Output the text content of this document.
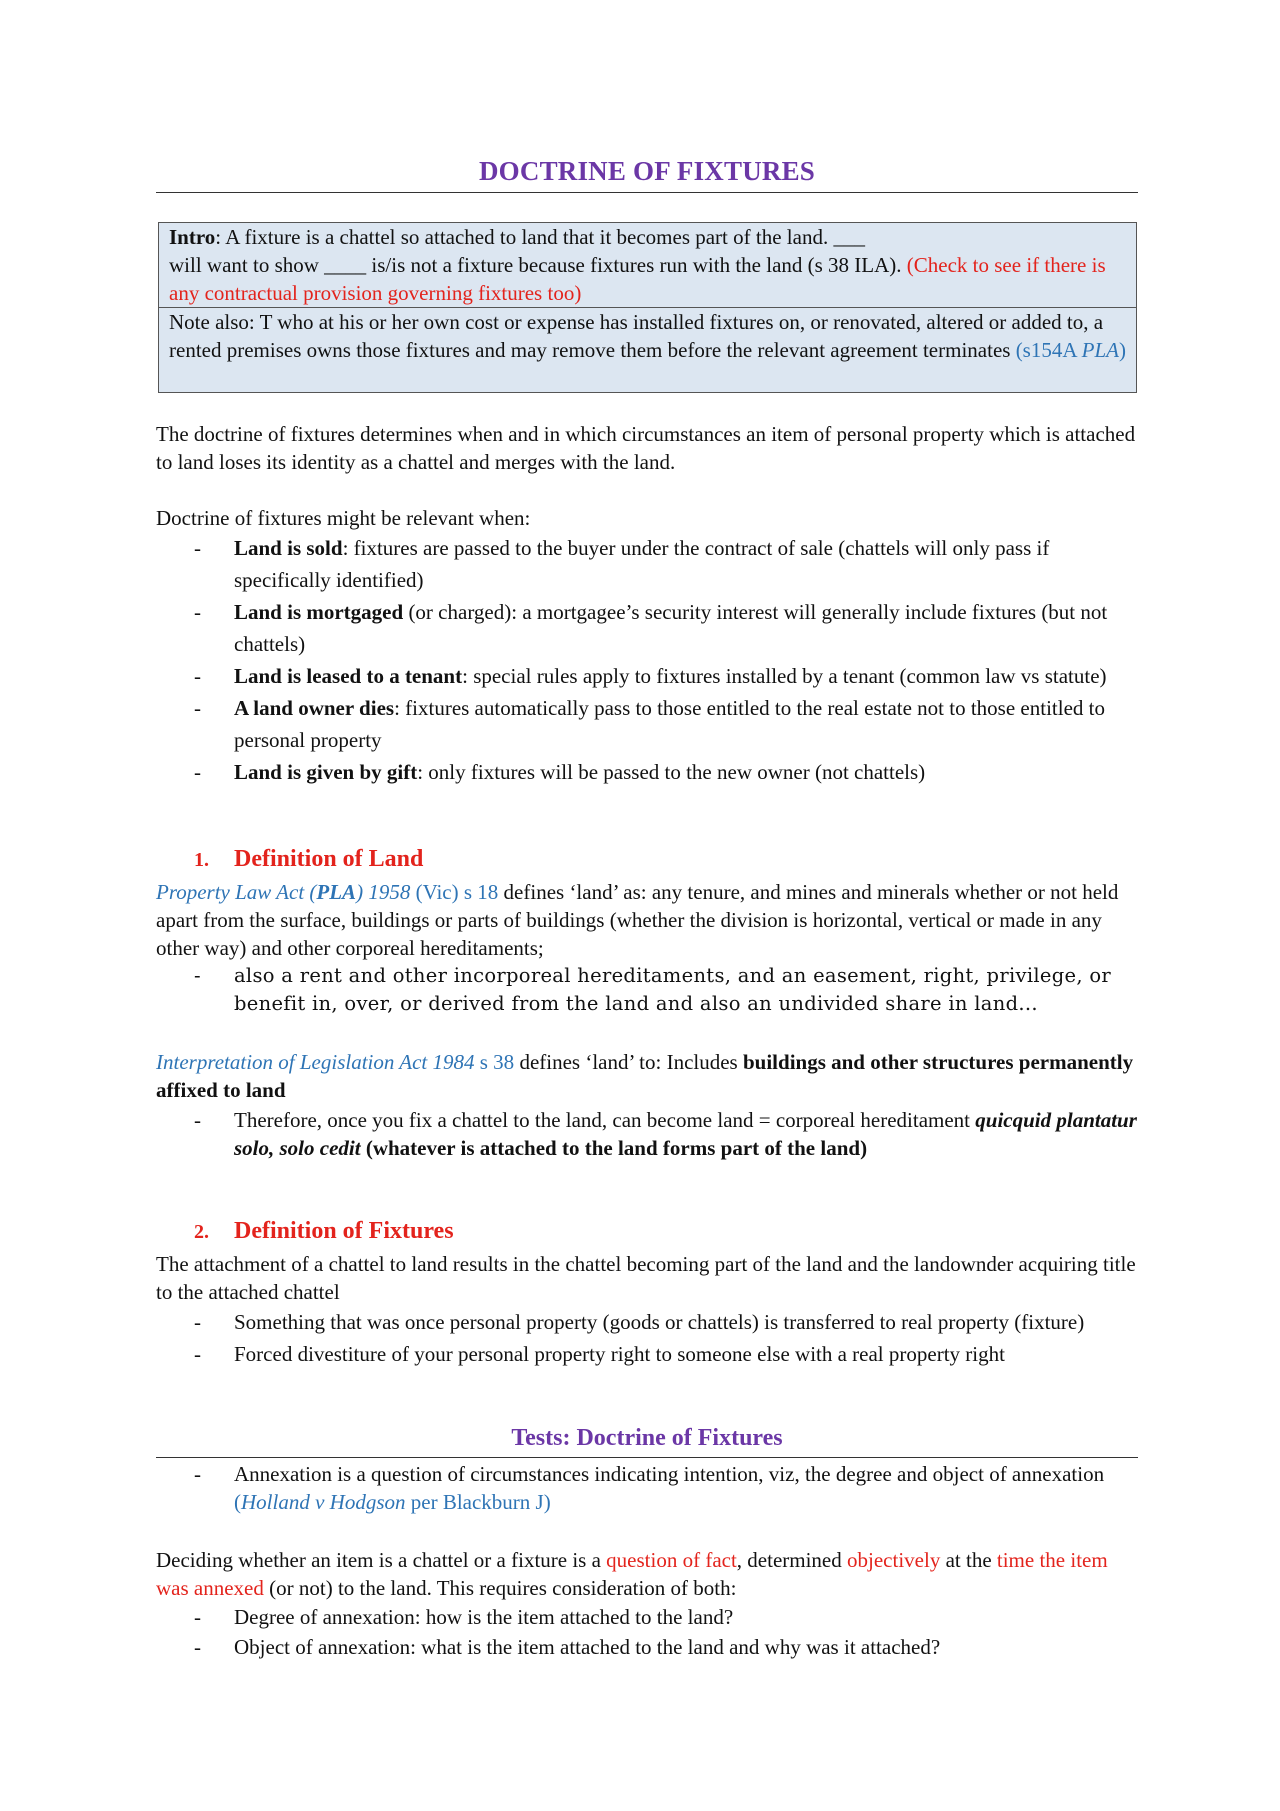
DOCTRINE OF FIXTURES
Intro: A fixture is a chattel so attached to land that it becomes part of the land. ___
will want to show ____ is/is not a fixture because fixtures run with the land (s 38 ILA). (Check to see if there is any contractual provision governing fixtures too)
Note also: T who at his or her own cost or expense has installed fixtures on, or renovated, altered or added to, a rented premises owns those fixtures and may remove them before the relevant agreement terminates (s154A PLA)
The doctrine of fixtures determines when and in which circumstances an item of personal property which is attached to land loses its identity as a chattel and merges with the land.
Doctrine of fixtures might be relevant when:
- Land is sold: fixtures are passed to the buyer under the contract of sale (chattels will only pass if specifically identified)
- Land is mortgaged (or charged): a mortgagee’s security interest will generally include fixtures (but not chattels)
- Land is leased to a tenant: special rules apply to fixtures installed by a tenant (common law vs statute)
- A land owner dies: fixtures automatically pass to those entitled to the real estate not to those entitled to personal property
- Land is given by gift: only fixtures will be passed to the new owner (not chattels)
1. Definition of Land
Property Law Act (PLA) 1958 (Vic) s 18 defines ‘land’ as: any tenure, and mines and minerals whether or not held apart from the surface, buildings or parts of buildings (whether the division is horizontal, vertical or made in any other way) and other corporeal hereditaments;
- also a rent and other incorporeal hereditaments, and an easement, right, privilege, or benefit in, over, or derived from the land and also an undivided share in land...
Interpretation of Legislation Act 1984 s 38 defines ‘land’ to: Includes buildings and other structures permanently affixed to land
- Therefore, once you fix a chattel to the land, can become land = corporeal hereditament quicquid plantatur solo, solo cedit (whatever is attached to the land forms part of the land)
2. Definition of Fixtures
The attachment of a chattel to land results in the chattel becoming part of the land and the landownder acquiring title to the attached chattel
- Something that was once personal property (goods or chattels) is transferred to real property (fixture)
- Forced divestiture of your personal property right to someone else with a real property right
Tests: Doctrine of Fixtures
- Annexation is a question of circumstances indicating intention, viz, the degree and object of annexation (Holland v Hodgson per Blackburn J)
Deciding whether an item is a chattel or a fixture is a question of fact, determined objectively at the time the item was annexed (or not) to the land. This requires consideration of both:
- Degree of annexation: how is the item attached to the land?
- Object of annexation: what is the item attached to the land and why was it attached?
